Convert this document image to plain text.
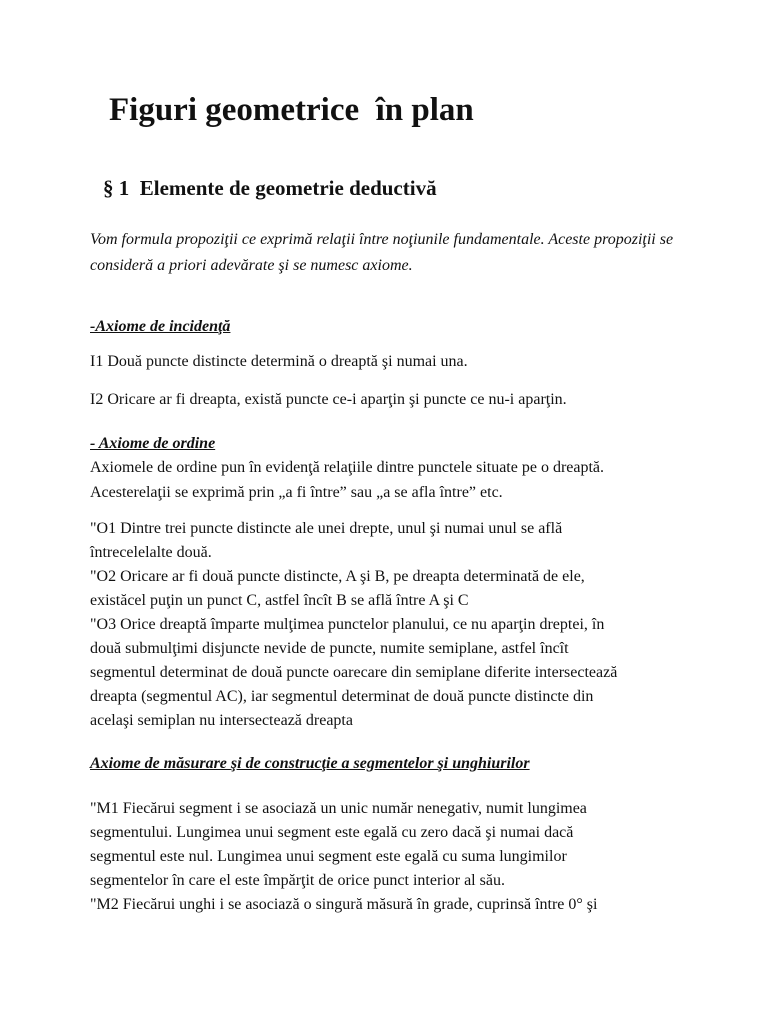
Figuri geometrice  în plan
§ 1  Elemente de geometrie deductivă

Vom formula propoziţii ce exprimă relaţii între noţiunile fundamentale. Aceste propoziţii se consideră a priori adevărate şi se numesc axiome.

-Axiome de incidenţă

I1 Două puncte distincte determină o dreaptă şi numai una.

I2 Oricare ar fi dreapta, există puncte ce-i aparţin şi puncte ce nu-i aparţin.

- Axiome de ordine

Axiomele de ordine pun în evidenţă relaţiile dintre punctele situate pe o dreaptă.

Acesterelaţii se exprimă prin „a fi între” sau „a se afla între” etc.

"O1 Dintre trei puncte distincte ale unei drepte, unul şi numai unul se află

întrecelelalte două.

"O2 Oricare ar fi două puncte distincte, A şi B, pe dreapta determinată de ele,

existăcel puţin un punct C, astfel încît B se află între A şi C

"O3 Orice dreaptă împarte mulţimea punctelor planului, ce nu aparţin dreptei, în

două submulţimi disjuncte nevide de puncte, numite semiplane, astfel încît

segmentul determinat de două puncte oarecare din semiplane diferite intersectează

dreapta (segmentul AC), iar segmentul determinat de două puncte distincte din

acelaşi semiplan nu intersectează dreapta

Axiome de măsurare şi de construcţie a segmentelor şi unghiurilor

"M1 Fiecărui segment i se asociază un unic număr nenegativ, numit lungimea

segmentului. Lungimea unui segment este egală cu zero dacă şi numai dacă

segmentul este nul. Lungimea unui segment este egală cu suma lungimilor

segmentelor în care el este împărţit de orice punct interior al său.

"M2 Fiecărui unghi i se asociază o singură măsură în grade, cuprinsă între 0° şi
